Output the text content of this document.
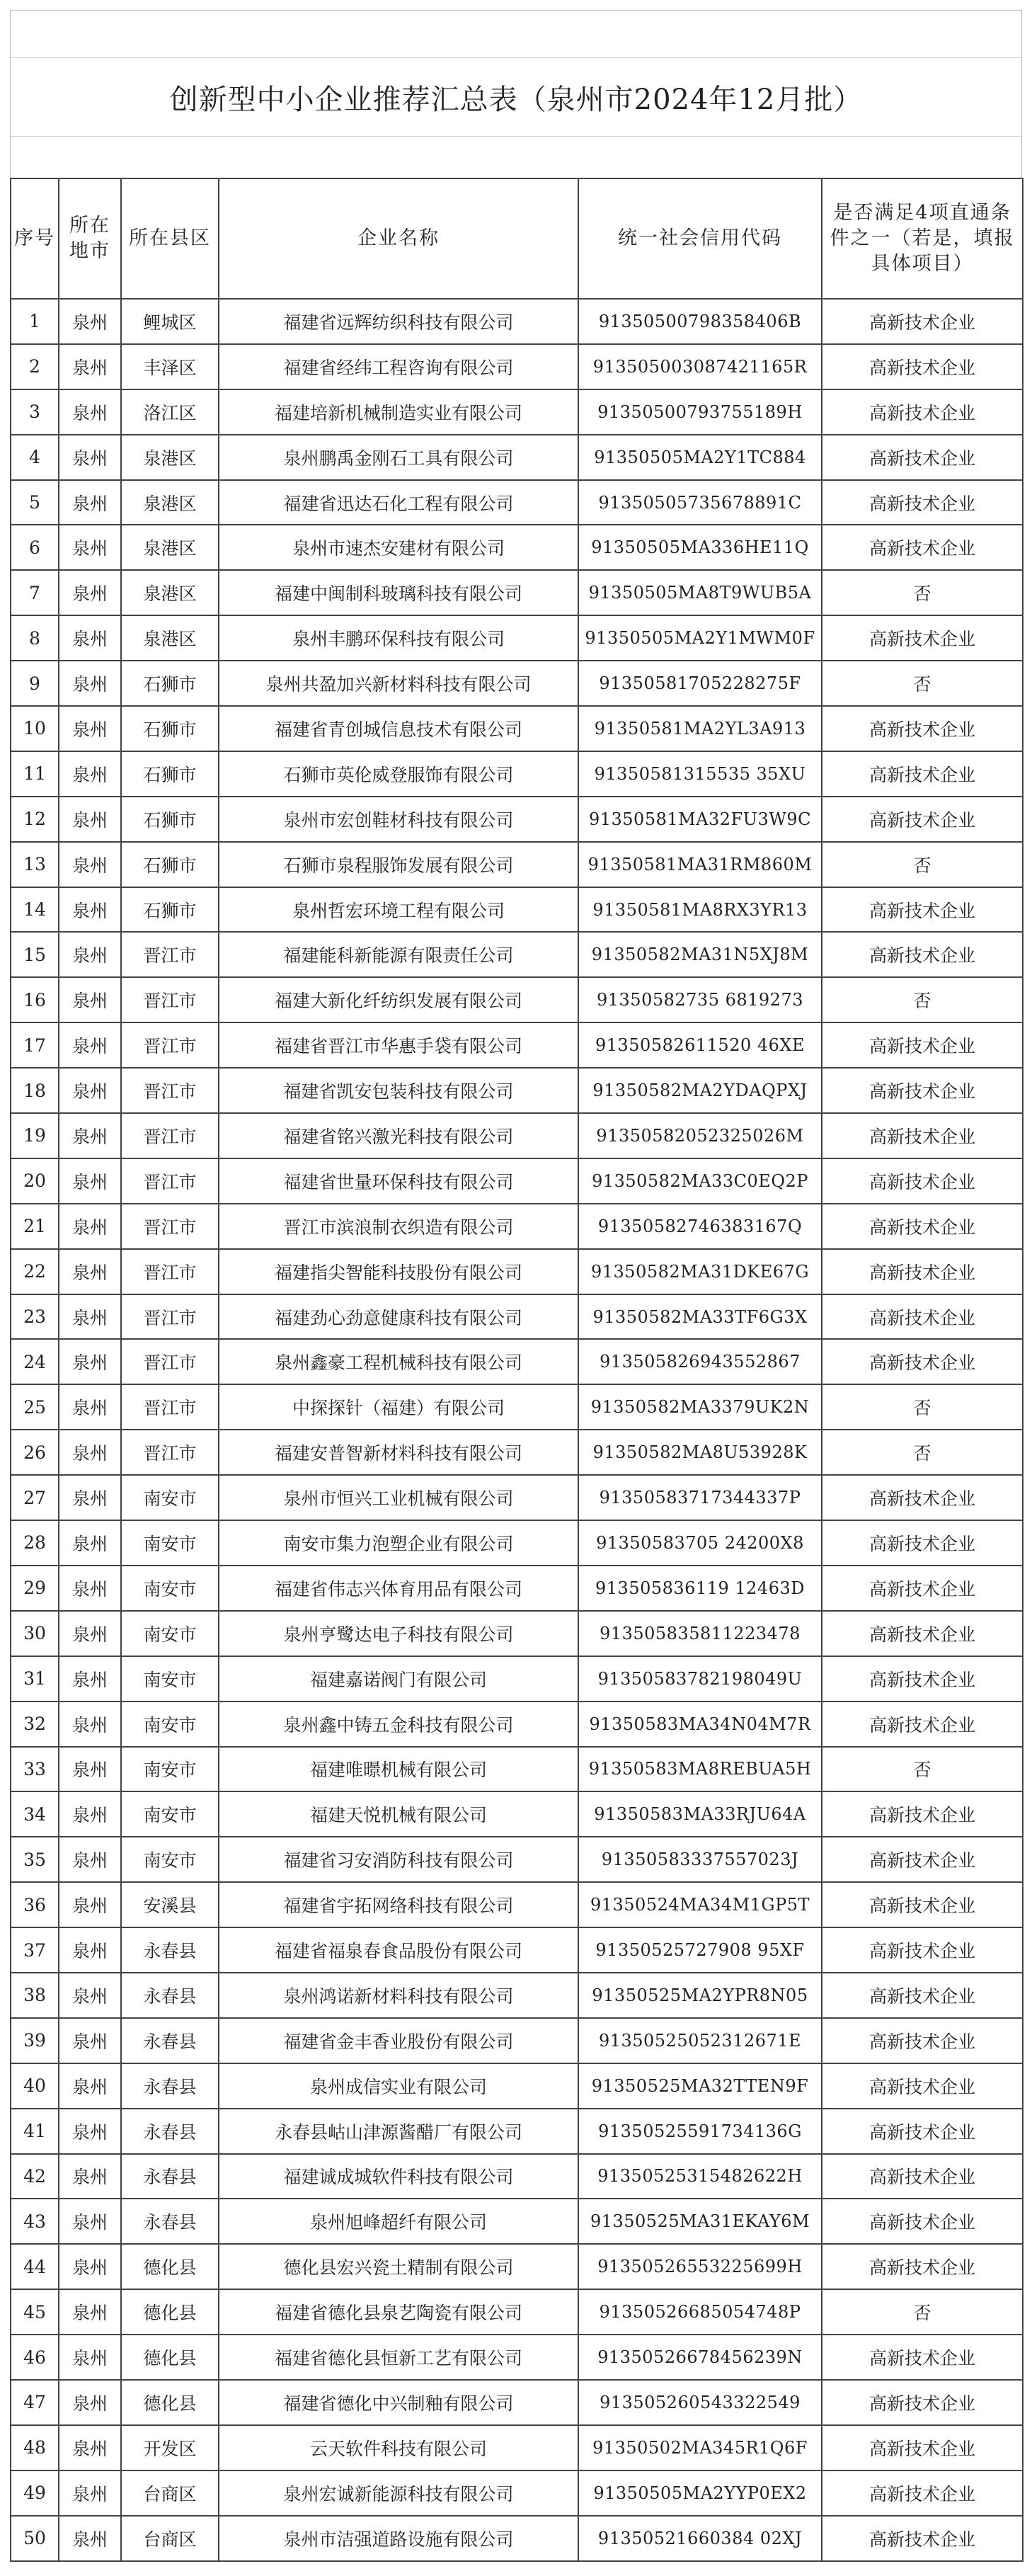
创新型中小企业推荐汇总表（泉州市2024年12月批）
序号	所在地市	所在县区	企业名称	统一社会信用代码	是否满足4项直通条件之一（若是，填报具体项目）
1	泉州	鲤城区	福建省远辉纺织科技有限公司	91350500798358406B	高新技术企业
2	泉州	丰泽区	福建省经纬工程咨询有限公司	913505003087421165R	高新技术企业
3	泉州	洛江区	福建培新机械制造实业有限公司	91350500793755189H	高新技术企业
4	泉州	泉港区	泉州鹏禹金刚石工具有限公司	91350505MA2Y1TC884	高新技术企业
5	泉州	泉港区	福建省迅达石化工程有限公司	91350505735678891C	高新技术企业
6	泉州	泉港区	泉州市速杰安建材有限公司	91350505MA336HE11Q	高新技术企业
7	泉州	泉港区	福建中闽制科玻璃科技有限公司	91350505MA8T9WUB5A	否
8	泉州	泉港区	泉州丰鹏环保科技有限公司	91350505MA2Y1MWM0F	高新技术企业
9	泉州	石狮市	泉州共盈加兴新材料科技有限公司	91350581705228275F	否
10	泉州	石狮市	福建省青创城信息技术有限公司	91350581MA2YL3A913	高新技术企业
11	泉州	石狮市	石狮市英伦威登服饰有限公司	91350581315535 35XU	高新技术企业
12	泉州	石狮市	泉州市宏创鞋材科技有限公司	91350581MA32FU3W9C	高新技术企业
13	泉州	石狮市	石狮市泉程服饰发展有限公司	91350581MA31RM860M	否
14	泉州	石狮市	泉州哲宏环境工程有限公司	91350581MA8RX3YR13	高新技术企业
15	泉州	晋江市	福建能科新能源有限责任公司	91350582MA31N5XJ8M	高新技术企业
16	泉州	晋江市	福建大新化纤纺织发展有限公司	91350582735 6819273	否
17	泉州	晋江市	福建省晋江市华惠手袋有限公司	91350582611520 46XE	高新技术企业
18	泉州	晋江市	福建省凯安包装科技有限公司	91350582MA2YDAQPXJ	高新技术企业
19	泉州	晋江市	福建省铭兴激光科技有限公司	91350582052325026M	高新技术企业
20	泉州	晋江市	福建省世量环保科技有限公司	91350582MA33C0EQ2P	高新技术企业
21	泉州	晋江市	晋江市滨浪制衣织造有限公司	91350582746383167Q	高新技术企业
22	泉州	晋江市	福建指尖智能科技股份有限公司	91350582MA31DKE67G	高新技术企业
23	泉州	晋江市	福建劲心劲意健康科技有限公司	91350582MA33TF6G3X	高新技术企业
24	泉州	晋江市	泉州鑫豪工程机械科技有限公司	913505826943552867	高新技术企业
25	泉州	晋江市	中探探针（福建）有限公司	91350582MA3379UK2N	否
26	泉州	晋江市	福建安普智新材料科技有限公司	91350582MA8U53928K	否
27	泉州	南安市	泉州市恒兴工业机械有限公司	91350583717344337P	高新技术企业
28	泉州	南安市	南安市集力泡塑企业有限公司	91350583705 24200X8	高新技术企业
29	泉州	南安市	福建省伟志兴体育用品有限公司	913505836119 12463D	高新技术企业
30	泉州	南安市	泉州亨鹭达电子科技有限公司	913505835811223478	高新技术企业
31	泉州	南安市	福建嘉诺阀门有限公司	91350583782198049U	高新技术企业
32	泉州	南安市	泉州鑫中铸五金科技有限公司	91350583MA34N04M7R	高新技术企业
33	泉州	南安市	福建唯暻机械有限公司	91350583MA8REBUA5H	否
34	泉州	南安市	福建天悦机械有限公司	91350583MA33RJU64A	高新技术企业
35	泉州	南安市	福建省习安消防科技有限公司	91350583337557023J	高新技术企业
36	泉州	安溪县	福建省宇拓网络科技有限公司	91350524MA34M1GP5T	高新技术企业
37	泉州	永春县	福建省福泉春食品股份有限公司	91350525727908 95XF	高新技术企业
38	泉州	永春县	泉州鸿诺新材料科技有限公司	91350525MA2YPR8N05	高新技术企业
39	泉州	永春县	福建省金丰香业股份有限公司	91350525052312671E	高新技术企业
40	泉州	永春县	泉州成信实业有限公司	91350525MA32TTEN9F	高新技术企业
41	泉州	永春县	永春县岵山津源酱醋厂有限公司	91350525591734136G	高新技术企业
42	泉州	永春县	福建诚成城软件科技有限公司	91350525315482622H	高新技术企业
43	泉州	永春县	泉州旭峰超纤有限公司	91350525MA31EKAY6M	高新技术企业
44	泉州	德化县	德化县宏兴瓷土精制有限公司	91350526553225699H	高新技术企业
45	泉州	德化县	福建省德化县泉艺陶瓷有限公司	91350526685054748P	否
46	泉州	德化县	福建省德化县恒新工艺有限公司	91350526678456239N	高新技术企业
47	泉州	德化县	福建省德化中兴制釉有限公司	913505260543322549	高新技术企业
48	泉州	开发区	云天软件科技有限公司	91350502MA345R1Q6F	高新技术企业
49	泉州	台商区	泉州宏诚新能源科技有限公司	91350505MA2YYP0EX2	高新技术企业
50	泉州	台商区	泉州市洁强道路设施有限公司	91350521660384 02XJ	高新技术企业
